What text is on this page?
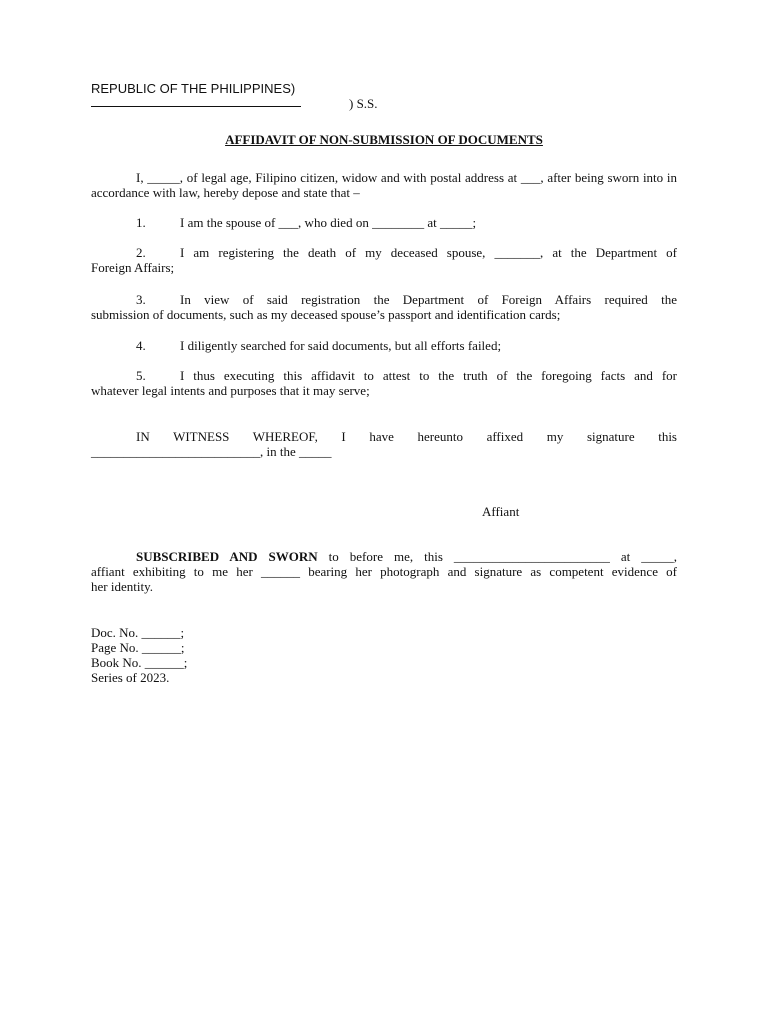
REPUBLIC OF THE PHILIPPINES)
) S.S.
AFFIDAVIT OF NON-SUBMISSION OF DOCUMENTS
I, _____, of legal age, Filipino citizen, widow and with postal address at ___, after being sworn into in accordance with law, hereby depose and state that –
1.	I am the spouse of ___, who died on ________ at _____;
2.	I am registering the death of my deceased spouse, _______, at the Department of
Foreign Affairs;
3.	In view of said registration the Department of Foreign Affairs required the
submission of documents, such as my deceased spouse’s passport and identification cards;
4.	I diligently searched for said documents, but all efforts failed;
5.	I thus executing this affidavit to attest to the truth of the foregoing facts and for
whatever legal intents and purposes that it may serve;
IN WITNESS WHEREOF, I have hereunto affixed my signature this
__________________________, in the _____
Affiant
SUBSCRIBED AND SWORN to before me, this ________________________ at _____,
affiant exhibiting to me her ______ bearing her photograph and signature as competent evidence of
her identity.
Doc. No. ______;
Page No. ______;
Book No. ______;
Series of 2023.
